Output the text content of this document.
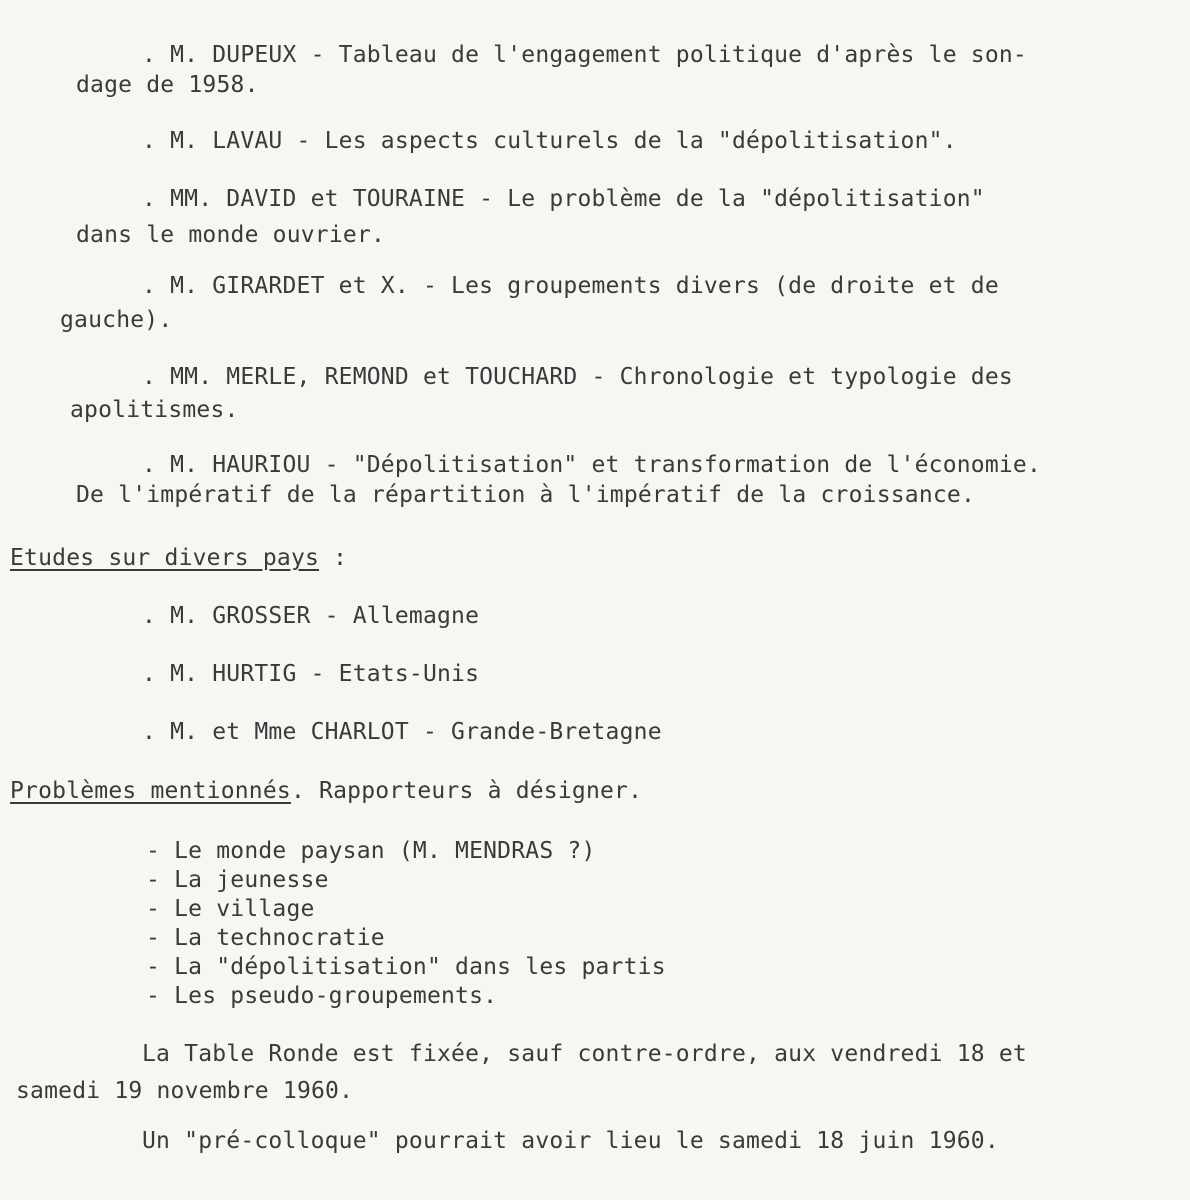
. M. DUPEUX - Tableau de l'engagement politique d'après le son-
dage de 1958.
. M. LAVAU - Les aspects culturels de la "dépolitisation".
. MM. DAVID et TOURAINE - Le problème de la "dépolitisation"
dans le monde ouvrier.
. M. GIRARDET et X. - Les groupements divers (de droite et de
gauche).
. MM. MERLE, REMOND et TOUCHARD - Chronologie et typologie des
apolitismes.
. M. HAURIOU - "Dépolitisation" et transformation de l'économie.
De l'impératif de la répartition à l'impératif de la croissance.
Etudes sur divers pays :
. M. GROSSER - Allemagne
. M. HURTIG - Etats-Unis
. M. et Mme CHARLOT - Grande-Bretagne
Problèmes mentionnés. Rapporteurs à désigner.
- Le monde paysan (M. MENDRAS ?)
- La jeunesse
- Le village
- La technocratie
- La "dépolitisation" dans les partis
- Les pseudo-groupements.
La Table Ronde est fixée, sauf contre-ordre, aux vendredi 18 et
samedi 19 novembre 1960.
Un "pré-colloque" pourrait avoir lieu le samedi 18 juin 1960.
